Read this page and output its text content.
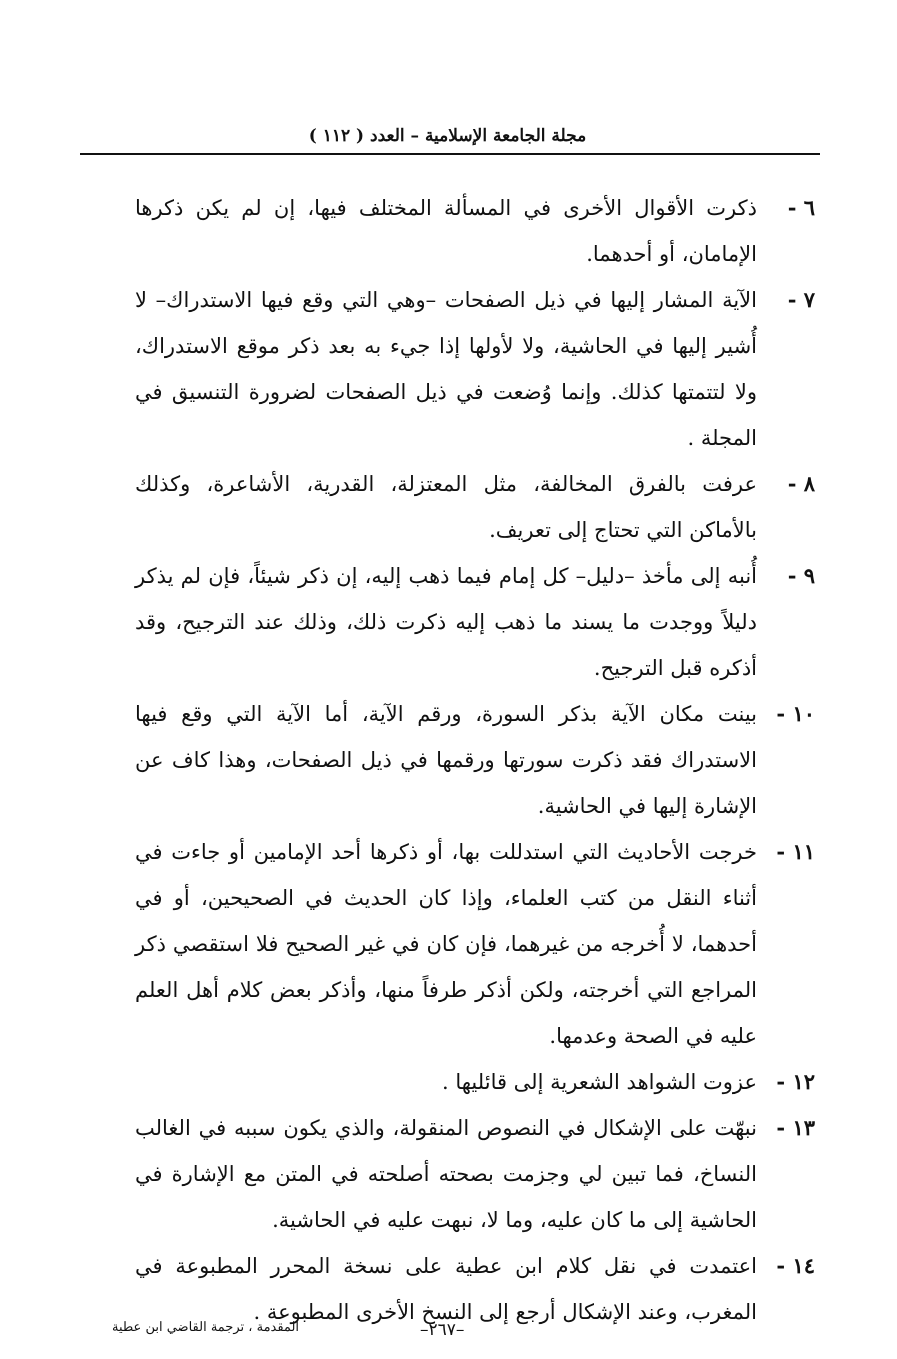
مجلة الجامعة الإسلامية – العدد ( ١١٢ )
٦ -
ذكرت الأقوال الأخرى في المسألة المختلف فيها، إن لم يكن ذكرها الإمامان، أو أحدهما.
٧ -
الآية المشار إليها في ذيل الصفحات –وهي التي وقع فيها الاستدراك– لا أُشير إليها في الحاشية، ولا لأولها إذا جيء به بعد ذكر موقع الاستدراك، ولا لتتمتها كذلك. وإنما وُضعت في ذيل الصفحات لضرورة التنسيق في المجلة .
٨ -
عرفت بالفرق المخالفة، مثل المعتزلة، القدرية، الأشاعرة، وكذلك بالأماكن التي تحتاج إلى تعريف.
٩ -
أُنبه إلى مأخذ –دليل– كل إمام فيما ذهب إليه، إن ذكر شيئاً، فإن لم يذكر دليلاً ووجدت ما يسند ما ذهب إليه ذكرت ذلك، وذلك عند الترجيح، وقد أذكره قبل الترجيح.
١٠ -
بينت مكان الآية بذكر السورة، ورقم الآية، أما الآية التي وقع فيها الاستدراك فقد ذكرت سورتها ورقمها في ذيل الصفحات، وهذا كاف عن الإشارة إليها في الحاشية.
١١ -
خرجت الأحاديث التي استدللت بها، أو ذكرها أحد الإمامين أو جاءت في أثناء النقل من كتب العلماء، وإذا كان الحديث في الصحيحين، أو في أحدهما، لا أُخرجه من غيرهما، فإن كان في غير الصحيح فلا استقصي ذكر المراجع التي أخرجته، ولكن أذكر طرفاً منها، وأذكر بعض كلام أهل العلم عليه في الصحة وعدمها.
١٢ -
عزوت الشواهد الشعرية إلى قائليها .
١٣ -
نبهّت على الإشكال في النصوص المنقولة، والذي يكون سببه في الغالب النساخ، فما تبين لي وجزمت بصحته أصلحته في المتن مع الإشارة في الحاشية إلى ما كان عليه، وما لا، نبهت عليه في الحاشية.
١٤ -
اعتمدت في نقل كلام ابن عطية على نسخة المحرر المطبوعة في المغرب، وعند الإشكال أرجع إلى النسخ الأخرى المطبوعة .
المقدمة ، ترجمة القاضي ابن عطية	–٢٦٧–
